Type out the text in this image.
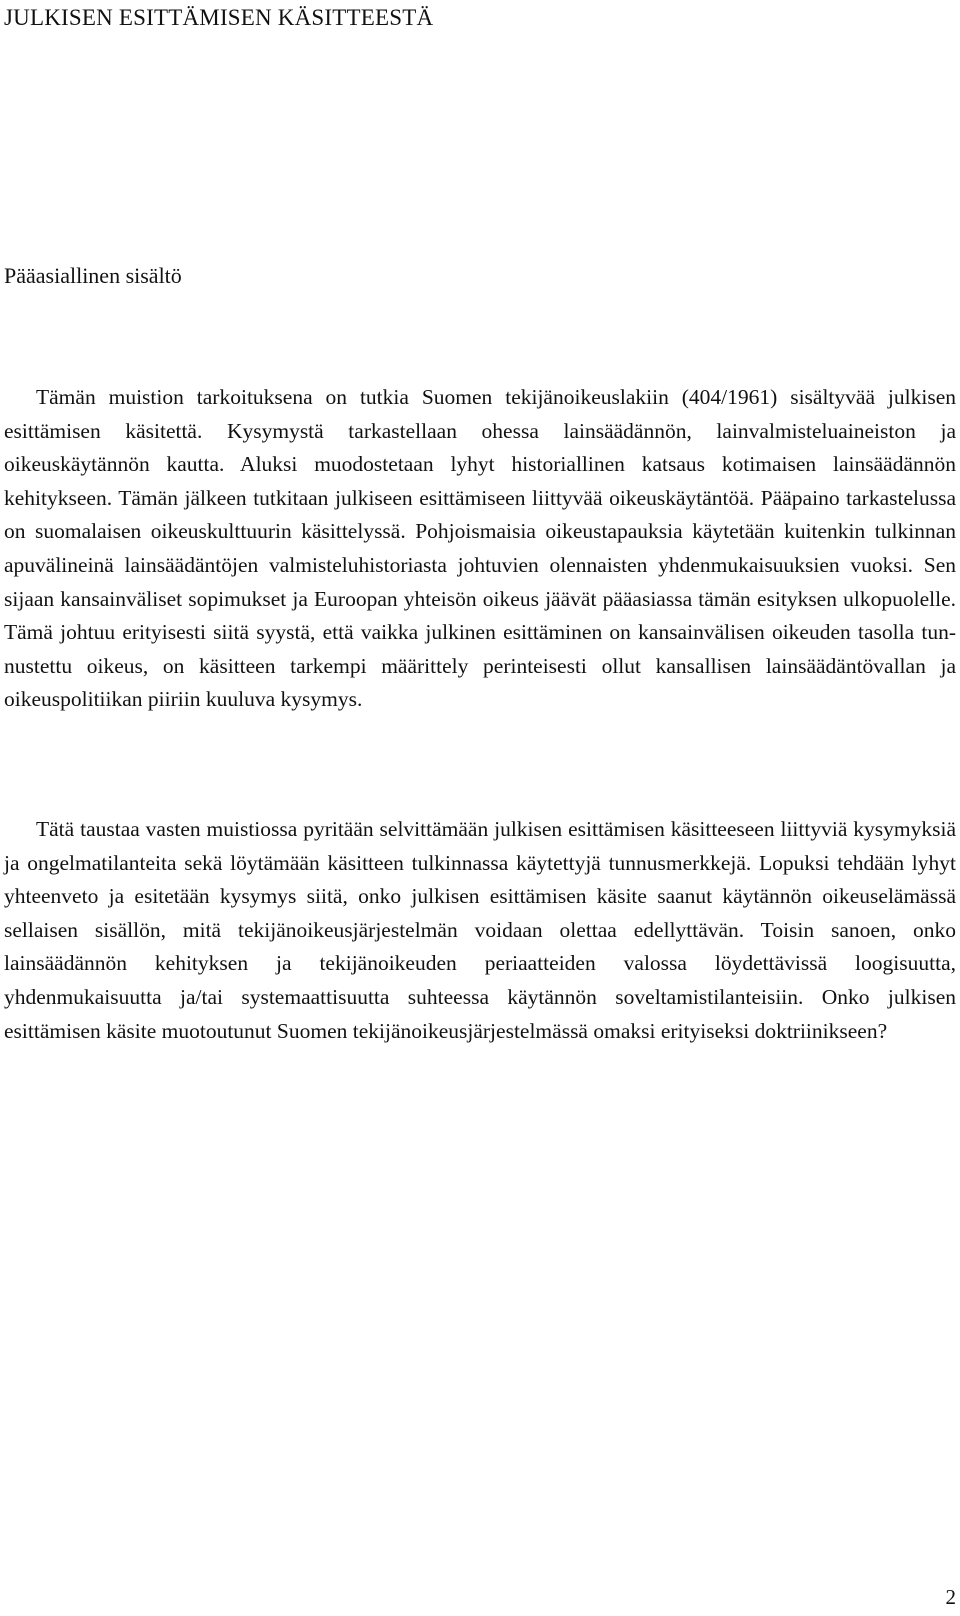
JULKISEN ESITTÄMISEN KÄSITTEESTÄ
Pääasiallinen sisältö

Tämän muistion tarkoituksena on tutkia Suomen tekijänoikeuslakiin (404/1961) sisältyvää julkisen esittämisen käsitettä. Kysymystä tarkastellaan ohessa lainsäädännön, lainvalmisteluaineiston ja oikeuskäytännön kautta. Aluksi muodostetaan lyhyt historiallinen katsaus kotimaisen lainsäädännön kehitykseen. Tämän jälkeen tutkitaan julkiseen esittämiseen liittyvää oikeuskäytäntöä. Pääpaino tarkastelussa on suomalaisen oikeuskulttuurin käsittelyssä. Pohjoismaisia oikeustapauksia käytetään kuitenkin tulkinnan apuvälineinä lainsäädäntöjen valmisteluhistoriasta johtuvien olennaisten yhdenmukaisuuksien vuoksi. Sen sijaan kansainväliset sopimukset ja Euroopan yhteisön oikeus jäävät pääasiassa tämän esityksen ulkopuolelle. Tämä johtuu erityisesti siitä syystä, että vaikka julkinen esittäminen on kansainvälisen oikeuden tasolla tunnustettu oikeus, on käsitteen tarkempi määrittely perinteisesti ollut kansallisen lainsäädäntövallan ja oikeuspolitiikan piiriin kuuluva kysymys.

Tätä taustaa vasten muistiossa pyritään selvittämään julkisen esittämisen käsitteeseen liittyviä kysymyksiä ja ongelmatilanteita sekä löytämään käsitteen tulkinnassa käytettyjä tunnusmerkkejä. Lopuksi tehdään lyhyt yhteenveto ja esitetään kysymys siitä, onko julkisen esittämisen käsite saanut käytännön oikeuselämässä sellaisen sisällön, mitä tekijänoikeusjärjestelmän voidaan olettaa edellyttävän. Toisin sanoen, onko lainsäädännön kehityksen ja tekijänoikeuden periaatteiden valossa löydettävissä loogisuutta, yhdenmukaisuutta ja/tai systemaattisuutta suhteessa käytännön soveltamistilanteisiin. Onko julkisen esittämisen käsite muotoutunut Suomen tekijänoikeusjärjestelmässä omaksi erityiseksi doktriinikseen?

2
